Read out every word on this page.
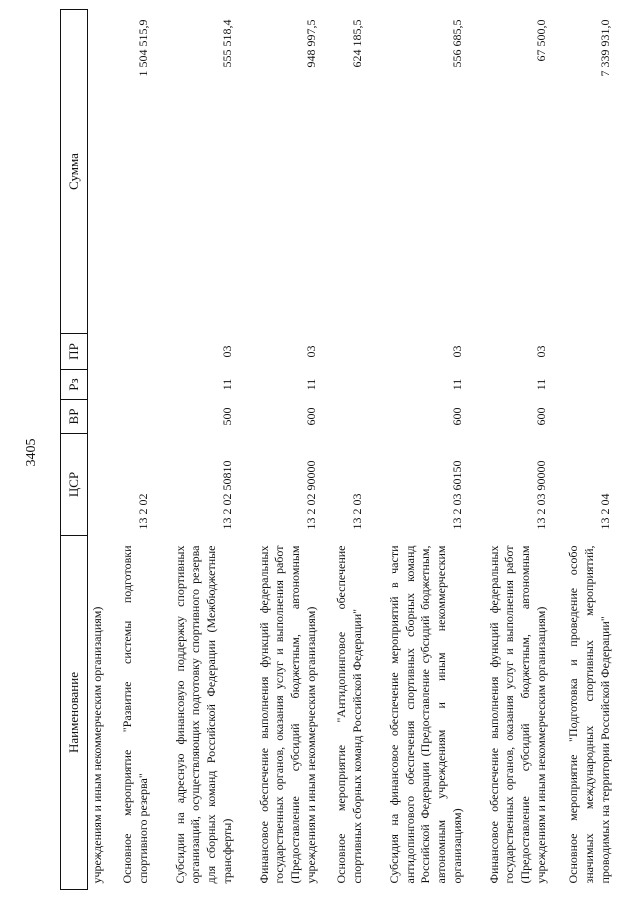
3405
Наименование	ЦСР	ВР	Рз	ПР	Сумма
учреждениям и иным некоммерческим организациям)					
Основное мероприятие "Развитие системы подготовки спортивного резерва"	13 2 02				1 504 515,9
Субсидии на адресную финансовую поддержку спортивных организаций, осуществляющих подготовку спортивного резерва для сборных команд Российской Федерации (Межбюджетные трансферты)	13 2 02 50810	500	11	03	555 518,4
Финансовое обеспечение выполнения функций федеральных государственных органов, оказания услуг и выполнения работ (Предоставление субсидий бюджетным, автономным учреждениям и иным некоммерческим организациям)	13 2 02 90000	600	11	03	948 997,5
Основное мероприятие "Антидопинговое обеспечение спортивных сборных команд Российской Федерации"	13 2 03				624 185,5
Субсидия на финансовое обеспечение мероприятий в части антидопингового обеспечения спортивных сборных команд Российской Федерации (Предоставление субсидий бюджетным, автономным учреждениям и иным некоммерческим организациям)	13 2 03 60150	600	11	03	556 685,5
Финансовое обеспечение выполнения функций федеральных государственных органов, оказания услуг и выполнения работ (Предоставление субсидий бюджетным, автономным учреждениям и иным некоммерческим организациям)	13 2 03 90000	600	11	03	67 500,0
Основное мероприятие "Подготовка и проведение особо значимых международных спортивных мероприятий, проводимых на территории Российской Федерации"	13 2 04				7 339 931,0
